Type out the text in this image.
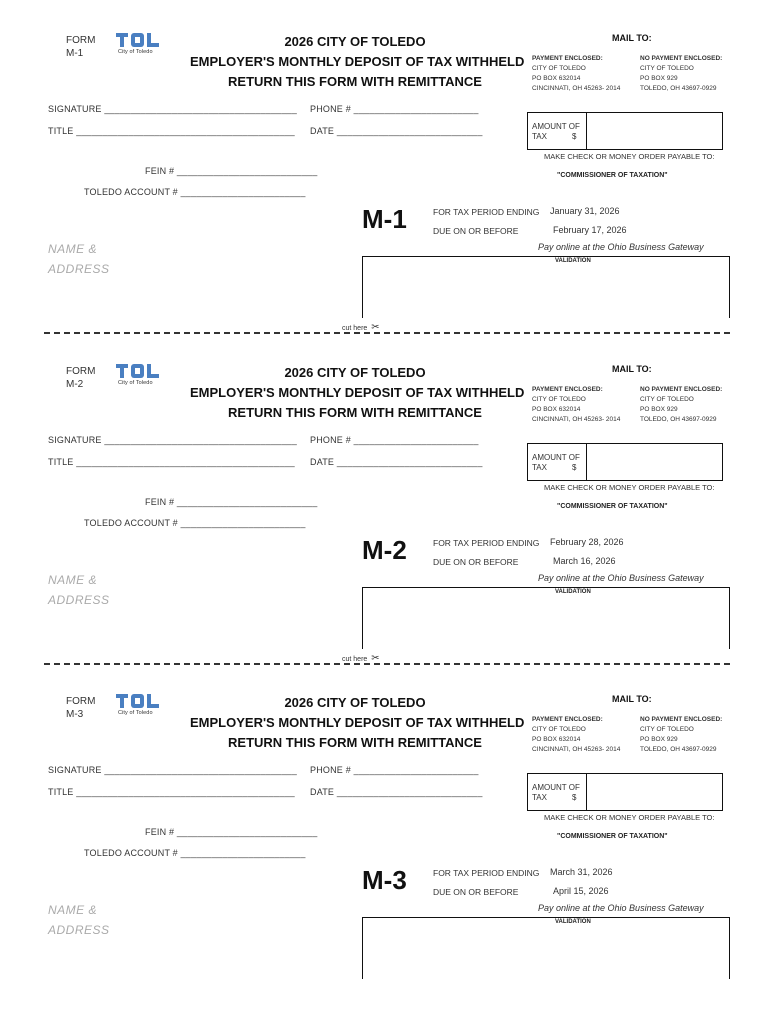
FORM
M-1	City of Toledo
2026 CITY OF TOLEDO
EMPLOYER'S MONTHLY DEPOSIT OF TAX WITHHELD
RETURN THIS FORM WITH REMITTANCE
MAIL TO:
PAYMENT ENCLOSED:
CITY OF TOLEDO
PO BOX 632014
CINCINNATI, OH 45263- 2014
NO PAYMENT ENCLOSED:
CITY OF TOLEDO
PO BOX 929
TOLEDO, OH 43697-0929
SIGNATURE _____________________________________ PHONE # ________________________
TITLE __________________________________________ DATE ____________________________	AMOUNT OF
TAX	$
MAKE CHECK OR MONEY ORDER PAYABLE TO:
"COMMISSIONER OF TAXATION"
FEIN # ___________________________
TOLEDO ACCOUNT # ________________________
M-1	FOR TAX PERIOD ENDING January 31, 2026
DUE ON OR BEFORE	February 17, 2026
Pay online at the Ohio Business Gateway
NAME &
ADDRESS
VALIDATION
FORM
M-2	City of Toledo
2026 CITY OF TOLEDO
EMPLOYER'S MONTHLY DEPOSIT OF TAX WITHHELD
RETURN THIS FORM WITH REMITTANCE
MAIL TO:
PAYMENT ENCLOSED:
CITY OF TOLEDO
PO BOX 632014
CINCINNATI, OH 45263- 2014
NO PAYMENT ENCLOSED:
CITY OF TOLEDO
PO BOX 929
TOLEDO, OH 43697-0929
SIGNATURE _____________________________________ PHONE # ________________________
TITLE __________________________________________ DATE ____________________________	AMOUNT OF
TAX	$
MAKE CHECK OR MONEY ORDER PAYABLE TO:
"COMMISSIONER OF TAXATION"
FEIN # ___________________________
TOLEDO ACCOUNT # ________________________
M-2	FOR TAX PERIOD ENDING February 28, 2026
DUE ON OR BEFORE	March 16, 2026
Pay online at the Ohio Business Gateway
NAME &
ADDRESS
VALIDATION
FORM
M-3	City of Toledo
2026 CITY OF TOLEDO
EMPLOYER'S MONTHLY DEPOSIT OF TAX WITHHELD
RETURN THIS FORM WITH REMITTANCE
MAIL TO:
PAYMENT ENCLOSED:
CITY OF TOLEDO
PO BOX 632014
CINCINNATI, OH 45263- 2014
NO PAYMENT ENCLOSED:
CITY OF TOLEDO
PO BOX 929
TOLEDO, OH 43697-0929
SIGNATURE _____________________________________ PHONE # ________________________
TITLE __________________________________________ DATE ____________________________	AMOUNT OF
TAX	$
MAKE CHECK OR MONEY ORDER PAYABLE TO:
"COMMISSIONER OF TAXATION"
FEIN # ___________________________
TOLEDO ACCOUNT # ________________________
M-3	FOR TAX PERIOD ENDING March 31, 2026
DUE ON OR BEFORE	April 15, 2026
Pay online at the Ohio Business Gateway
NAME &
ADDRESS
VALIDATION
cut here ✂
cut here ✂
